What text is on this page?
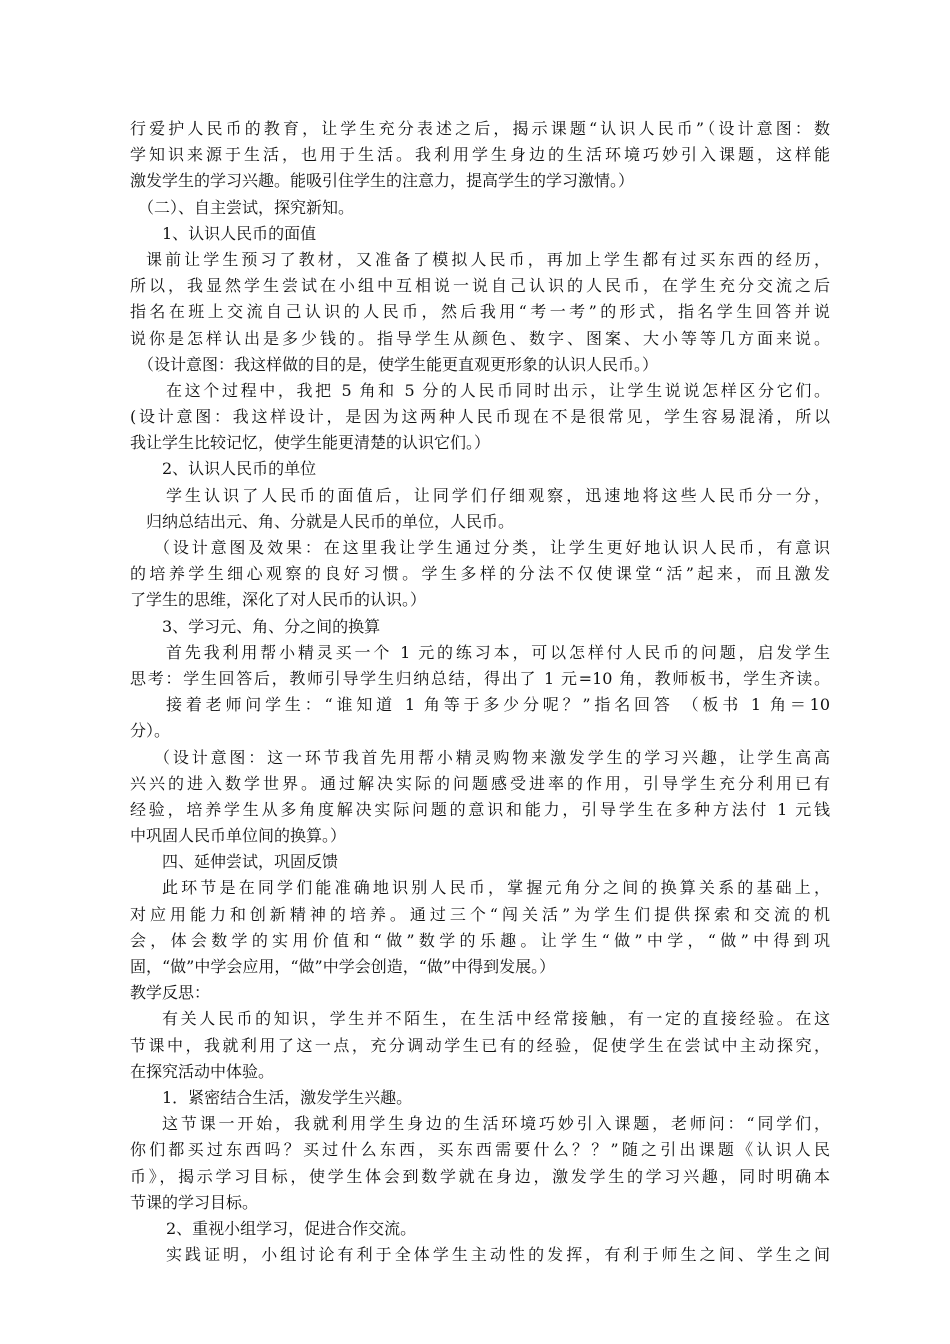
行爱护人民币的教育，让学生充分表述之后，揭示课题“认识人民币”（设计意图：数
学知识来源于生活，也用于生活。我利用学生身边的生活环境巧妙引入课题，这样能
激发学生的学习兴趣。能吸引住学生的注意力，提高学生的学习激情。）
（二）、自主尝试，探究新知。
1、认识人民币的面值
课前让学生预习了教材，又准备了模拟人民币，再加上学生都有过买东西的经历，
所以，我显然学生尝试在小组中互相说一说自己认识的人民币，在学生充分交流之后
指名在班上交流自己认识的人民币，然后我用“考一考”的形式，指名学生回答并说
说你是怎样认出是多少钱的。指导学生从颜色、数字、图案、大小等等几方面来说。
（设计意图：我这样做的目的是，使学生能更直观更形象的认识人民币。）
在这个过程中，我把 5 角和 5 分的人民币同时出示，让学生说说怎样区分它们。
(设计意图：我这样设计，是因为这两种人民币现在不是很常见，学生容易混淆，所以
我让学生比较记忆，使学生能更清楚的认识它们。）
2、认识人民币的单位
学生认识了人民币的面值后，让同学们仔细观察，迅速地将这些人民币分一分，
归纳总结出元、角、分就是人民币的单位，人民币。
（设计意图及效果：在这里我让学生通过分类，让学生更好地认识人民币，有意识
的培养学生细心观察的良好习惯。学生多样的分法不仅使课堂“活”起来，而且激发
了学生的思维，深化了对人民币的认识。）
3、学习元、角、分之间的换算
首先我利用帮小精灵买一个 1 元的练习本，可以怎样付人民币的问题，启发学生
思考：学生回答后，教师引导学生归纳总结，得出了 1 元=10 角，教师板书，学生齐读。
接着老师问学生：“谁知道 1 角等于多少分呢？”指名回答 （板书 1 角＝10
分）。
（设计意图：这一环节我首先用帮小精灵购物来激发学生的学习兴趣，让学生高高
兴兴的进入数学世界。通过解决实际的问题感受进率的作用，引导学生充分利用已有
经验，培养学生从多角度解决实际问题的意识和能力，引导学生在多种方法付 1 元钱
中巩固人民币单位间的换算。）
四、延伸尝试，巩固反馈
此环节是在同学们能准确地识别人民币，掌握元角分之间的换算关系的基础上，
对应用能力和创新精神的培养。通过三个“闯关活”为学生们提供探索和交流的机
会，体会数学的实用价值和“做”数学的乐趣。让学生“做”中学，“做”中得到巩
固，“做”中学会应用，“做”中学会创造，“做”中得到发展。）
教学反思：
有关人民币的知识，学生并不陌生，在生活中经常接触，有一定的直接经验。在这
节课中，我就利用了这一点，充分调动学生已有的经验，促使学生在尝试中主动探究，
在探究活动中体验。
1．紧密结合生活，激发学生兴趣。
这节课一开始，我就利用学生身边的生活环境巧妙引入课题，老师问：“同学们，
你们都买过东西吗？买过什么东西，买东西需要什么？？”随之引出课题《认识人民
币》，揭示学习目标，使学生体会到数学就在身边，激发学生的学习兴趣，同时明确本
节课的学习目标。
2、重视小组学习，促进合作交流。
实践证明，小组讨论有利于全体学生主动性的发挥，有利于师生之间、学生之间
